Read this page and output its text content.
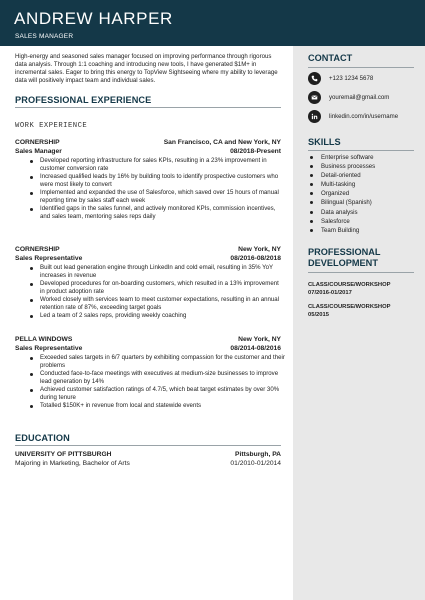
ANDREW HARPER
SALES MANAGER

High-energy and seasoned sales manager focused on improving performance through rigorous data analysis. Through 1:1 coaching and introducing new tools, I have generated $1M+ in incremental sales. Eager to bring this energy to TopView Sightseeing where my ability to leverage data will positively impact team and individual sales.

PROFESSIONAL EXPERIENCE
WORK EXPERIENCE
CORNERSHIP	San Francisco, CA and New York, NY
Sales Manager	08/2018-Present
Developed reporting infrastructure for sales KPIs, resulting in a 23% improvement in customer conversion rate
Increased qualified leads by 16% by building tools to identify prospective customers who were most likely to convert
Implemented and expanded the use of Salesforce, which saved over 15 hours of manual reporting time by sales staff each week
Identified gaps in the sales funnel, and actively monitored KPIs, commission incentives, and sales team, mentoring sales reps daily
CORNERSHIP	New York, NY
Sales Representative	08/2016-08/2018
Built out lead generation engine through LinkedIn and cold email, resulting in 35% YoY increases in revenue
Developed procedures for on-boarding customers, which resulted in a 13% improvement in product adoption rate
Worked closely with services team to meet customer expectations, resulting in an annual retention rate of 87%, exceeding target goals
Led a team of 2 sales reps, providing weekly coaching
PELLA WINDOWS	New York, NY
Sales Representative	08/2014-08/2016
Exceeded sales targets in 6/7 quarters by exhibiting compassion for the customer and their problems
Conducted face-to-face meetings with executives at medium-size businesses to improve lead generation by 14%
Achieved customer satisfaction ratings of 4.7/5, which beat target estimates by over 30% during tenure
Totalled $150K+ in revenue from local and statewide events
EDUCATION
UNIVERSITY OF PITTSBURGH	Pittsburgh, PA
Majoring in Marketing, Bachelor of Arts	01/2010-01/2014
CONTACT
+123 1234 5678
youremail@gmail.com
linkedin.com/in/username
SKILLS
Enterprise software
Business processes
Detail-oriented
Multi-tasking
Organized
Bilingual (Spanish)
Data analysis
Salesforce
Team Building
PROFESSIONAL
DEVELOPMENT
CLASS/COURSE/WORKSHOP
07/2016-01/2017
CLASS/COURSE/WORKSHOP
05/2015
